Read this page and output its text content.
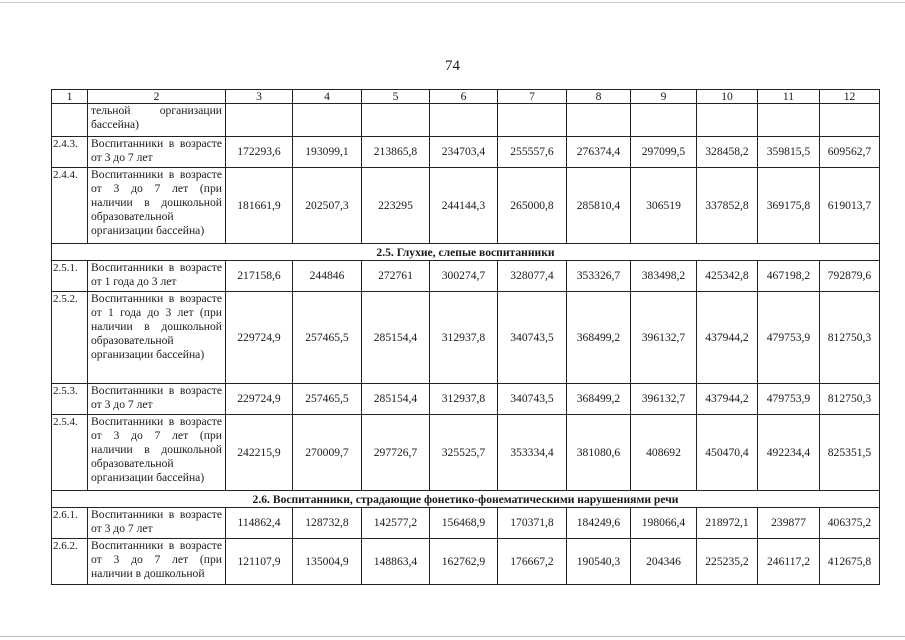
74
1	2	3	4	5	6	7	8	9	10	11	12
	тельной организации бассейна)										
2.4.3.	Воспитанники в возрасте от 3 до 7 лет	172293,6	193099,1	213865,8	234703,4	255557,6	276374,4	297099,5	328458,2	359815,5	609562,7
2.4.4.	Воспитанники в возрасте от 3 до 7 лет (при наличии в дошкольной образовательной организации бассейна)	181661,9	202507,3	223295	244144,3	265000,8	285810,4	306519	337852,8	369175,8	619013,7
2.5. Глухие, слепые воспитанники											
2.5.1.	Воспитанники в возрасте от 1 года до 3 лет	217158,6	244846	272761	300274,7	328077,4	353326,7	383498,2	425342,8	467198,2	792879,6
2.5.2.	Воспитанники в возрасте от 1 года до 3 лет (при наличии в дошкольной образовательной организации бассейна)	229724,9	257465,5	285154,4	312937,8	340743,5	368499,2	396132,7	437944,2	479753,9	812750,3
2.5.3.	Воспитанники в возрасте от 3 до 7 лет	229724,9	257465,5	285154,4	312937,8	340743,5	368499,2	396132,7	437944,2	479753,9	812750,3
2.5.4.	Воспитанники в возрасте от 3 до 7 лет (при наличии в дошкольной образовательной организации бассейна)	242215,9	270009,7	297726,7	325525,7	353334,4	381080,6	408692	450470,4	492234,4	825351,5
2.6. Воспитанники, страдающие фонетико-фонематическими нарушениями речи											
2.6.1.	Воспитанники в возрасте от 3 до 7 лет	114862,4	128732,8	142577,2	156468,9	170371,8	184249,6	198066,4	218972,1	239877	406375,2
2.6.2.	Воспитанники в возрасте от 3 до 7 лет (при наличии в дошкольной	121107,9	135004,9	148863,4	162762,9	176667,2	190540,3	204346	225235,2	246117,2	412675,8
